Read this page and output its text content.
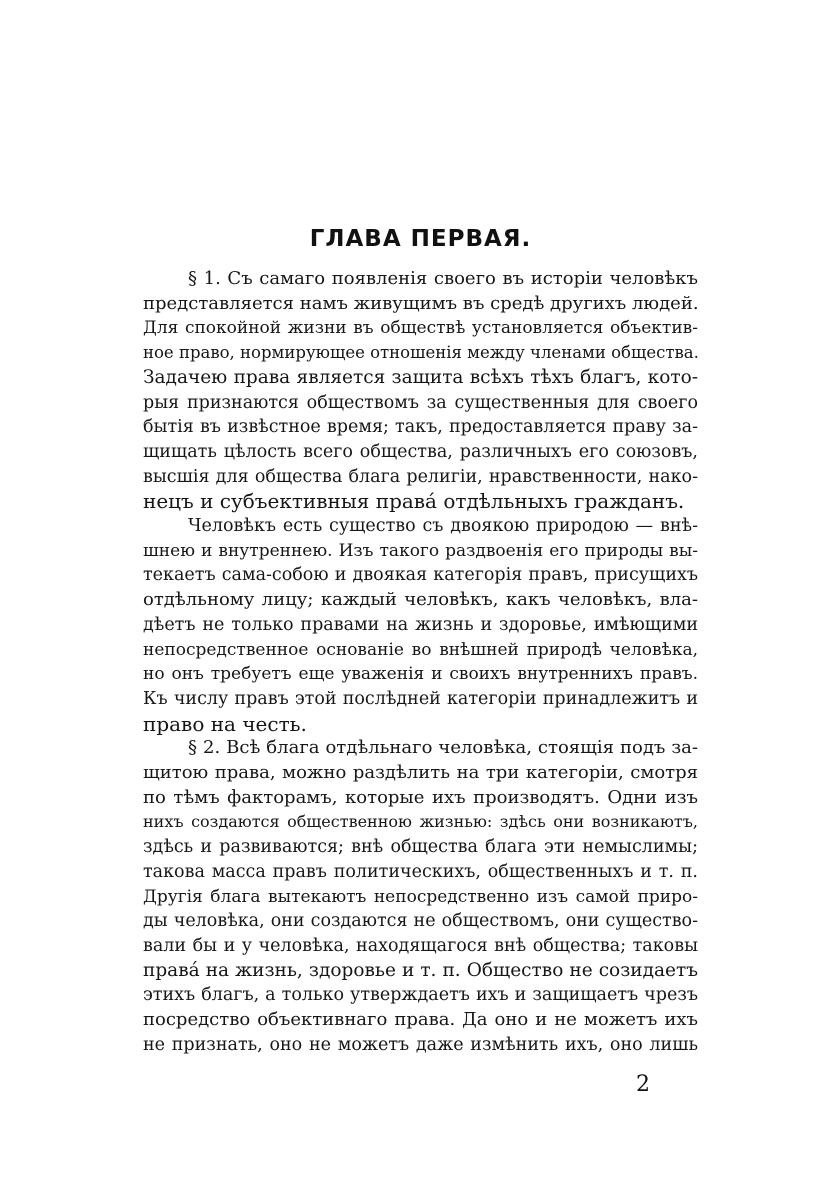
ГЛАВА ПЕРВАЯ.
§ 1. Съ самаго появленія своего въ исторіи человѣкъ
представляется намъ живущимъ въ средѣ другихъ людей.
Для спокойной жизни въ обществѣ установляется объектив-
ное право, нормирующее отношенія между членами общества.
Задачею права является защита всѣхъ тѣхъ благъ, кото-
рыя признаются обществомъ за существенныя для своего
бытія въ извѣстное время; такъ, предоставляется праву за-
щищать цѣлость всего общества, различныхъ его союзовъ,
высшія для общества блага религіи, нравственности, нако-
нецъ и субъективныя права́ отдѣльныхъ гражданъ.
Человѣкъ есть существо съ двоякою природою — внѣ-
шнею и внутреннею. Изъ такого раздвоенія его природы вы-
текаетъ сама-собою и двоякая категорія правъ, присущихъ
отдѣльному лицу; каждый человѣкъ, какъ человѣкъ, вла-
дѣетъ не только правами на жизнь и здоровье, имѣющими
непосредственное основаніе во внѣшней природѣ человѣка,
но онъ требуетъ еще уваженія и своихъ внутреннихъ правъ.
Къ числу правъ этой послѣдней категоріи принадлежитъ и
право на честь.
§ 2. Всѣ блага отдѣльнаго человѣка, стоящія подъ за-
щитою права, можно раздѣлить на три категоріи, смотря
по тѣмъ факторамъ, которые ихъ производятъ. Одни изъ
нихъ создаются общественною жизнью: здѣсь они возникаютъ,
здѣсь и развиваются; внѣ общества блага эти немыслимы;
такова масса правъ политическихъ, общественныхъ и т. п.
Другія блага вытекаютъ непосредственно изъ самой приро-
ды человѣка, они создаются не обществомъ, они существо-
вали бы и у человѣка, находящагося внѣ общества; таковы
права́ на жизнь, здоровье и т. п. Общество не созидаетъ
этихъ благъ, а только утверждаетъ ихъ и защищаетъ чрезъ
посредство объективнаго права. Да оно и не можетъ ихъ
не признать, оно не можетъ даже измѣнить ихъ, оно лишь
2
